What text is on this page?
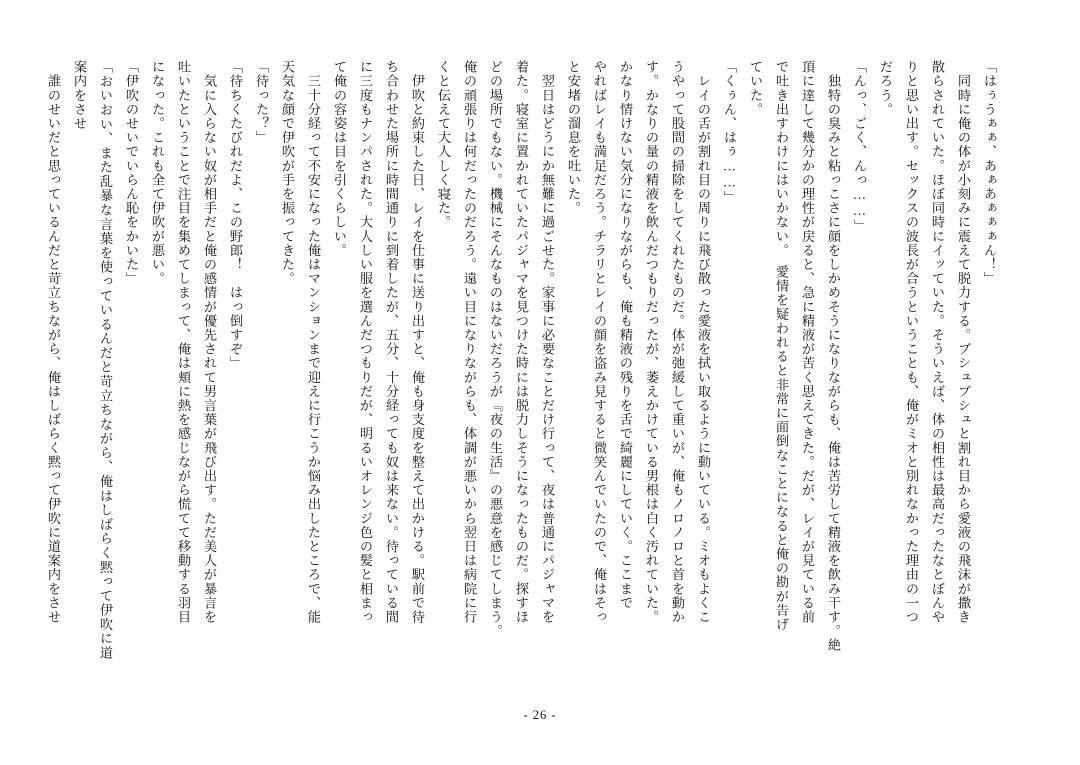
「はぅうぁぁ、あぁあぁぁぁん！」

　同時に俺の体が小刻みに震えて脱力する。ブシュブシュと割れ目から愛液の飛沫が撒き

散らされていた。ほぼ同時にイッていた。そういえば、体の相性は最高だったなとぼんや

りと思い出す。セックスの波長が合うということも、俺がミオと別れなかった理由の一つ

だろう。

「んっ、ごく、んっ……」

　独特の臭みと粘っこさに顔をしかめそうになりながらも、俺は苦労して精液を飲み干す。絶

頂に達して幾分かの理性が戻ると、急に精液が苦く思えてきた。だが、レイが見ている前

で吐き出すわけにはいかない。　愛情を疑われると非常に面倒なことになると俺の勘が告げ

ていた。

「くぅん、はぅ……」

　レイの舌が割れ目の周りに飛び散った愛液を拭い取るように動いている。ミオもよくこ

うやって股間の掃除をしてくれたものだ。体が弛緩して重いが、俺もノロノロと首を動か

す。かなりの量の精液を飲んだつもりだったが、萎えかけている男根は白く汚れていた。

かなり情けない気分になりながらも、俺も精液の残りを舌で綺麗にしていく。ここまで

やればレイも満足だろう。チラリとレイの顔を盗み見すると微笑んでいたので、俺はそっ

と安堵の溜息を吐いた。

　翌日はどうにか無難に過ごせた。家事に必要なことだけ行って、夜は普通にパジャマを

着た。寝室に置かれていたパジャマを見つけた時には脱力しそうになったものだ。探すほ

どの場所でもない。機械にそんなものはないだろうが『夜の生活』の悪意を感じてしまう。

俺の頑張りは何だったのだろう。遠い目になりながらも、体調が悪いから翌日は病院に行

くと伝えて大人しく寝た。

　伊吹と約束した日、レイを仕事に送り出すと、俺も身支度を整えて出かける。駅前で待

ち合わせた場所に時間通りに到着したが、五分、十分経っても奴は来ない。待っている間

に三度もナンパされた。大人しい服を選んだつもりだが、明るいオレンジ色の髪と相まっ

て俺の容姿は目を引くらしい。

　三十分経って不安になった俺はマンションまで迎えに行こうか悩み出したところで、能

天気な顔で伊吹が手を振ってきた。

「待った？」

「待ちくたびれだよ、この野郎！　はっ倒すぞ」

　気に入らない奴が相手だと俺の感情が優先されて男言葉が飛び出す。ただ美人が暴言を

吐いたということで注目を集めてしまって、俺は頬に熱を感じながら慌てて移動する羽目

になった。これも全て伊吹が悪い。

「伊吹のせいでいらん恥をかいた」

「おいおい、また乱暴な言葉を使っているんだと苛立ちながら、俺はしばらく黙って伊吹に道案内をさせ

　誰のせいだと思っているんだと苛立ちながら、俺はしばらく黙って伊吹に道案内をさせ

- 26 -
